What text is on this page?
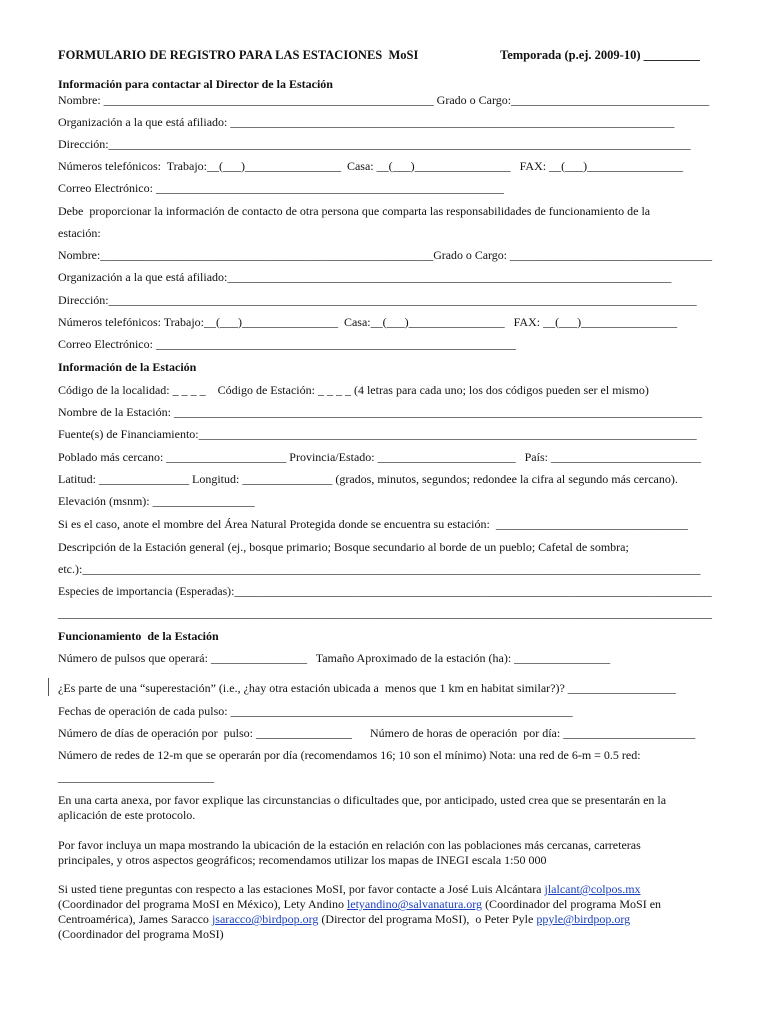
FORMULARIO DE REGISTRO PARA LAS ESTACIONES  MoSI	Temporada (p.ej. 2009-10) _________
Información para contactar al Director de la Estación
Nombre: _______________________________________________________ Grado o Cargo:_________________________________
Organización a la que está afiliado: __________________________________________________________________________
Dirección:_________________________________________________________________________________________________
Números telefónicos:  Trabajo:__(___)________________  Casa: __(___)________________   FAX: __(___)________________
Correo Electrónico: __________________________________________________________
Debe  proporcionar la información de contacto de otra persona que comparta las responsabilidades de funcionamiento de la
estación:
Nombre:________________________________________________________Grado o Cargo: __________________________________
Organización a la que está afiliado:__________________________________________________________________________
Dirección:__________________________________________________________________________________________________
Números telefónicos: Trabajo:__(___)________________  Casa:__(___)________________   FAX: __(___)________________
Correo Electrónico: ____________________________________________________________
Información de la Estación
Código de la localidad: _ _ _ _    Código de Estación: _ _ _ _ (4 letras para cada uno; los dos códigos pueden ser el mismo)
Nombre de la Estación: ________________________________________________________________________________________
Fuente(s) de Financiamiento:___________________________________________________________________________________
Poblado más cercano: ____________________ Provincia/Estado: _______________________   País: _________________________
Latitud: _______________ Longitud: _______________ (grados, minutos, segundos; redondee la cifra al segundo más cercano).
Elevación (msnm): _________________
Si es el caso, anote el mombre del Área Natural Protegida donde se encuentra su estación:  ________________________________
Descripción de la Estación general (ej., bosque primario; Bosque secundario al borde de un pueblo; Cafetal de sombra;
etc.):_______________________________________________________________________________________________________
Especies de importancia (Esperadas):_________________________________________________________________________________
_______________________________________________________________________________________________________________
Funcionamiento  de la Estación
Número de pulsos que operará: ________________   Tamaño Aproximado de la estación (ha): ________________
¿Es parte de una “superestación” (i.e., ¿hay otra estación ubicada a  menos que 1 km en habitat similar?)? __________________
Fechas de operación de cada pulso: _________________________________________________________
Número de días de operación por  pulso: ________________      Número de horas de operación  por día: ______________________
Número de redes de 12-m que se operarán por día (recomendamos 16; 10 son el mínimo) Nota: una red de 6-m = 0.5 red:
__________________________
En una carta anexa, por favor explique las circunstancias o dificultades que, por anticipado, usted crea que se presentarán en la
aplicación de este protocolo.
Por favor incluya un mapa mostrando la ubicación de la estación en relación con las poblaciones más cercanas, carreteras
principales, y otros aspectos geográficos; recomendamos utilizar los mapas de INEGI escala 1:50 000
Si usted tiene preguntas con respecto a las estaciones MoSI, por favor contacte a José Luis Alcántara jlalcant@colpos.mx
(Coordinador del programa MoSI en México), Lety Andino letyandino@salvanatura.org (Coordinador del programa MoSI en
Centroamérica), James Saracco jsaracco@birdpop.org (Director del programa MoSI),  o Peter Pyle ppyle@birdpop.org
(Coordinador del programa MoSI)
